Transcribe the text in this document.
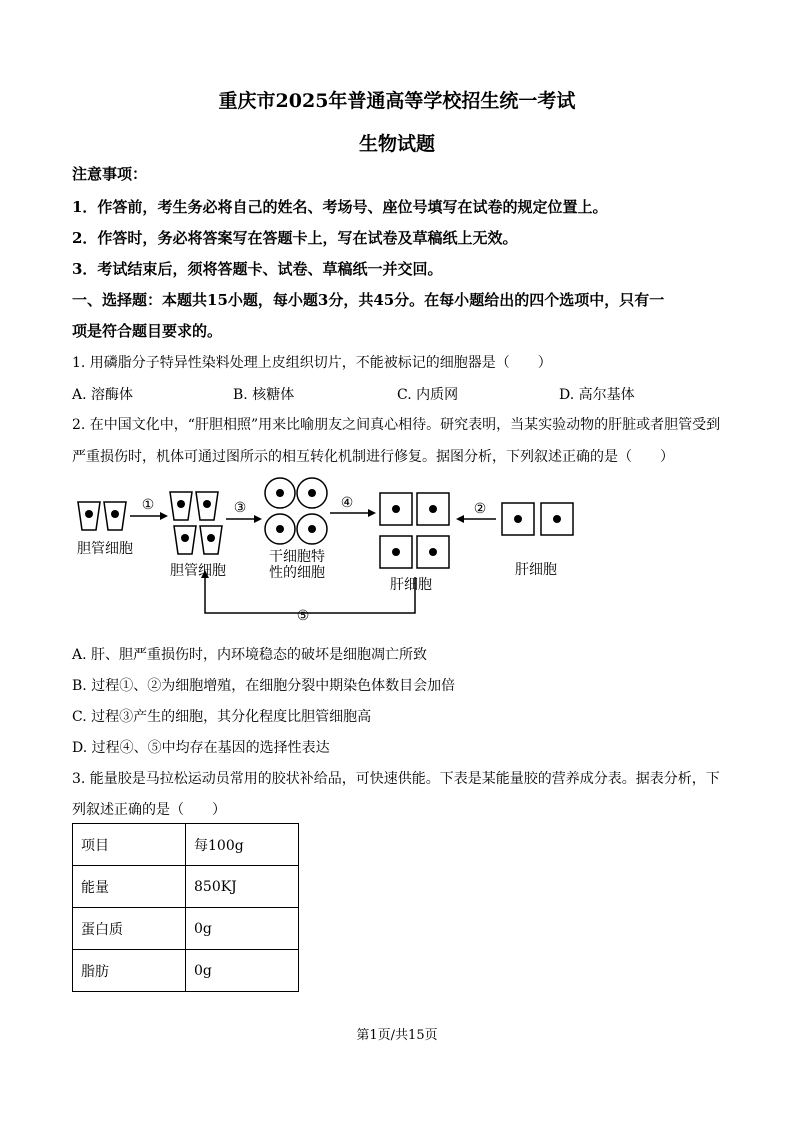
重庆市2025年普通高等学校招生统一考试
生物试题
注意事项：
1．作答前，考生务必将自己的姓名、考场号、座位号填写在试卷的规定位置上。
2．作答时，务必将答案写在答题卡上，写在试卷及草稿纸上无效。
3．考试结束后，须将答题卡、试卷、草稿纸一并交回。
一、选择题：本题共15小题，每小题3分，共45分。在每小题给出的四个选项中，只有一
项是符合题目要求的。
1. 用磷脂分子特异性染料处理上皮组织切片，不能被标记的细胞器是（　　）
A. 溶酶体	B. 核糖体	C. 内质网	D. 高尔基体
2. 在中国文化中，“肝胆相照”用来比喻朋友之间真心相待。研究表明，当某实验动物的肝脏或者胆管受到
严重损伤时，机体可通过图所示的相互转化机制进行修复。据图分析，下列叙述正确的是（　　）
①	③	④	②
⑤
胆管细胞
胆管细胞
干细胞特
性的细胞
肝细胞
肝细胞
A. 肝、胆严重损伤时，内环境稳态的破坏是细胞凋亡所致
B. 过程①、②为细胞增殖，在细胞分裂中期染色体数目会加倍
C. 过程③产生的细胞，其分化程度比胆管细胞高
D. 过程④、⑤中均存在基因的选择性表达
3. 能量胶是马拉松运动员常用的胶状补给品，可快速供能。下表是某能量胶的营养成分表。据表分析，下
列叙述正确的是（　　）
项目	每100g
能量	850KJ
蛋白质	0g
脂肪	0g
第1页/共15页
